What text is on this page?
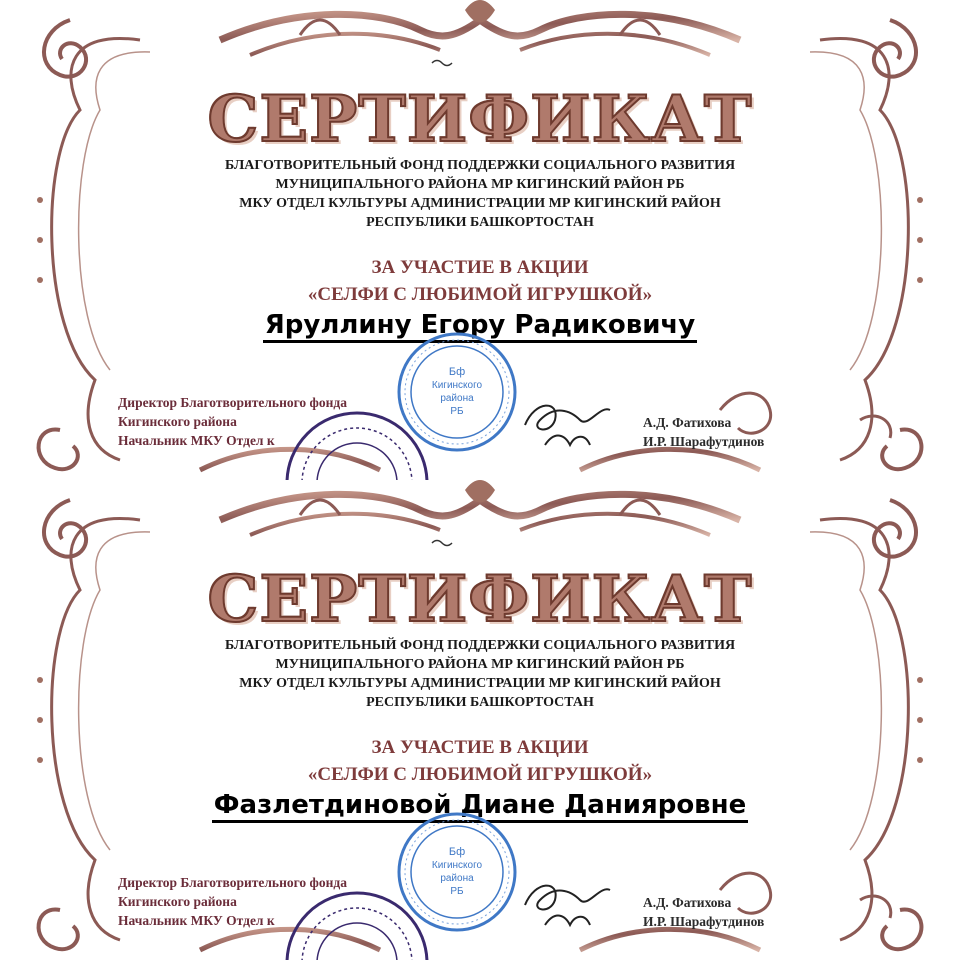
СЕРТИФИКАТ
БЛАГОТВОРИТЕЛЬНЫЙ ФОНД ПОДДЕРЖКИ СОЦИАЛЬНОГО РАЗВИТИЯ
МУНИЦИПАЛЬНОГО РАЙОНА МР КИГИНСКИЙ РАЙОН РБ
МКУ ОТДЕЛ КУЛЬТУРЫ АДМИНИСТРАЦИИ МР КИГИНСКИЙ РАЙОН
РЕСПУБЛИКИ БАШКОРТОСТАН
ЗА УЧАСТИЕ В АКЦИИ
«СЕЛФИ С ЛЮБИМОЙ ИГРУШКОЙ»
Яруллину Егору Радиковичу
Бф
Кигинского
района
РБ
Директор Благотворительного фонда
Кигинского района
Начальник МКУ Отдел к
А.Д. Фатихова
И.Р. Шарафутдинов
СЕРТИФИКАТ
БЛАГОТВОРИТЕЛЬНЫЙ ФОНД ПОДДЕРЖКИ СОЦИАЛЬНОГО РАЗВИТИЯ
МУНИЦИПАЛЬНОГО РАЙОНА МР КИГИНСКИЙ РАЙОН РБ
МКУ ОТДЕЛ КУЛЬТУРЫ АДМИНИСТРАЦИИ МР КИГИНСКИЙ РАЙОН
РЕСПУБЛИКИ БАШКОРТОСТАН
ЗА УЧАСТИЕ В АКЦИИ
«СЕЛФИ С ЛЮБИМОЙ ИГРУШКОЙ»
Фазлетдиновой Диане Данияровне
Бф
Кигинского
района
РБ
Директор Благотворительного фонда
Кигинского района
Начальник МКУ Отдел к
А.Д. Фатихова
И.Р. Шарафутдинов
